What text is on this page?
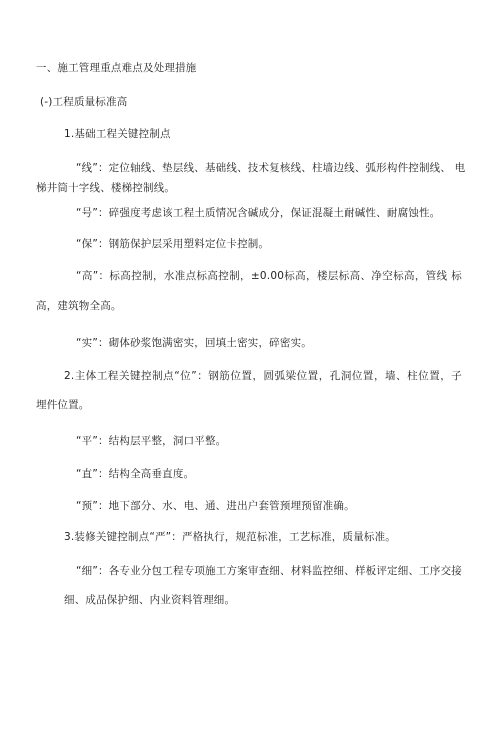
一、施工管理重点难点及处理措施
(-)工程质量标准高
1.基础工程关键控制点
“线”：定位轴线、垫层线、基础线、技术复核线、柱墙边线、弧形构件控制线、 电
梯井筒十字线、楼梯控制线。
“号”：碎强度考虑该工程土质情况含碱成分，保证混凝土耐碱性、耐腐蚀性。
“保”：钢筋保护层采用塑料定位卡控制。
“高”：标高控制，水准点标高控制，±0.00标高，楼层标高、净空标高，管线 标
高，建筑物全高。
“实”：砌体砂浆饱满密实，回填土密实，碎密实。
2.主体工程关键控制点“位”：钢筋位置，圆弧梁位置，孔洞位置，墙、柱位置，子
埋件位置。
“平”：结构层平整，洞口平整。
“直”：结构全高垂直度。
“预”：地下部分、水、电、通、进出户套管预埋预留准确。
3.装修关键控制点“严”：严格执行，规范标准，工艺标准，质量标准。
“细”：各专业分包工程专项施工方案审查细、材料监控细、样板评定细、工序交接
细、成品保护细、内业资料管理细。
